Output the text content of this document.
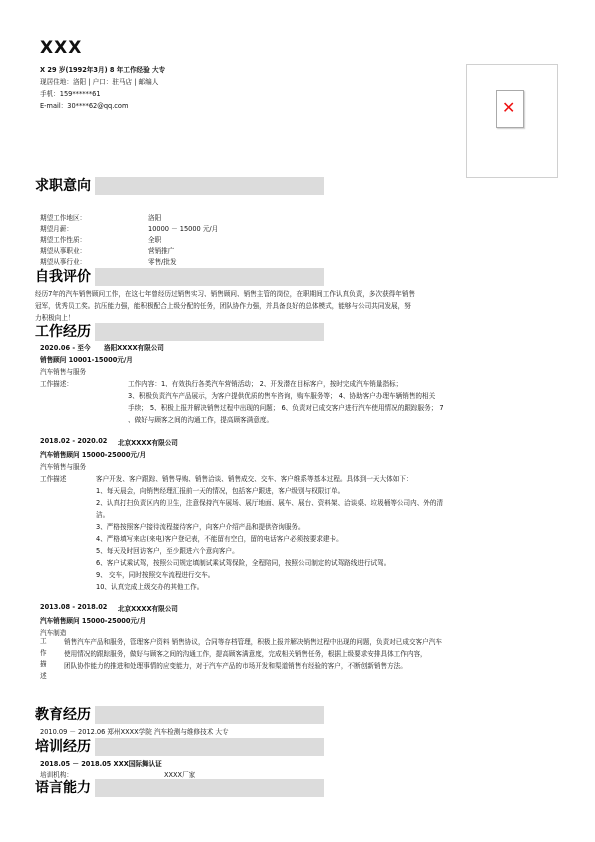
XXX
X 29 岁(1992年3月) 8 年工作经验 大专
现居住地：洛阳 | 户口：驻马店 | 邮编人
手机：159******61
E-mail：30****62@qq.com	✕
求职意向
期望工作地区：	洛阳
期望月薪：	10000 － 15000 元/月
期望工作性质：	全职
期望从事职业：	营销推广
期望从事行业：	零售/批发
自我评价
经历7年的汽车销售顾问工作，在这七年曾经历过销售实习、销售顾问、销售主管的岗位，在职期间工作认真负责，多次获得年销售
冠军，优秀员工奖。抗压能力强，能积极配合上级分配的任务，团队协作力强，并具备良好的总体模式，能够与公司共同发展，努
力积极向上！
工作经历
2020.06 - 至今 洛阳XXXX有限公司
销售顾问 10001-15000元/月
汽车销售与服务
工作描述：	工作内容：1、有效执行各类汽车营销活动； 2、开发潜在目标客户，按时完成汽车销量指标；
3、积极负责汽车产品展示，为客户提供优质的售车咨询，购车服务等； 4、协助客户办理车辆销售的相关
手续； 5、积极上报并解决销售过程中出现的问题； 6、负责对已成交客户进行汽车使用情况的跟踪服务； 7
、做好与顾客之间的沟通工作，提高顾客满意度。
2018.02 - 2020.02 北京XXXX有限公司
汽车销售顾问 15000-25000元/月
汽车销售与服务
工作描述	客户开发、客户跟踪、销售导购、销售洽谈、销售成交、交车、客户维系等基本过程。具体到一天大体如下：
1、每天晨会，向销售经理汇报前一天的情况，包括客户跟进，客户级别与权限订单。
2、认真打扫负责区内的卫生，注意保持汽车展场、展厅地面、展车、展台、资料架、洽谈桌、垃圾桶等公司内、外的清
洁。
3、严格按照客户接待流程接待客户，向客户介绍产品和提供咨询服务。
4、严格填写来店(来电)客户登记表，不能留有空白，留的电话客户必须按要求建卡。
5、每天及时回访客户，至少跟进六个意向客户。
6、客户试乘试驾，按照公司规定填制试乘试驾保险，全程陪同，按照公司制定的试驾路线进行试驾。
9、 交车，同时按照交车流程进行交车。
10、认真完成上级交办的其他工作。
2013.08 - 2018.02 北京XXXX有限公司
汽车销售顾问 15000-25000元/月
汽车制造
工作描述
销售汽车产品和服务，管理客户资料 销售协议，合同等存档管理，积极上报并解决销售过程中出现的问题，负责对已成交客户汽车
使用情况的跟踪服务，做好与顾客之间的沟通工作，提高顾客满意度，完成相关销售任务，根据上级要求安排具体工作内容，
团队协作能力的推进和处理事情的应变能力，对于汽车产品的市场开发和渠道销售有经验的客户，不断创新销售方法。
教育经历
2010.09 － 2012.06 郑州XXXX学院 汽车检测与维修技术 大专
培训经历
2018.05 － 2018.05 XXX国际舞认证
培训机构：	XXXX厂家
语言能力
